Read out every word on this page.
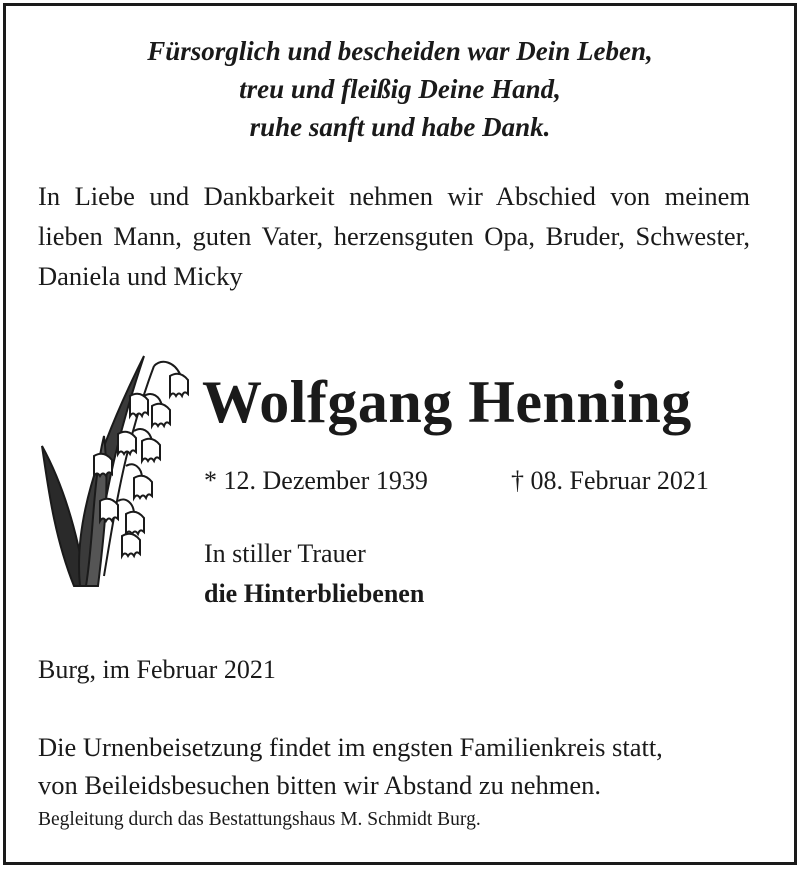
Fürsorglich und bescheiden war Dein Leben,
treu und fleißig Deine Hand,
ruhe sanft und habe Dank.
In Liebe und Dankbarkeit nehmen wir Abschied von meinem lieben Mann, guten Vater, herzensguten Opa, Bruder, Schwester, Daniela und Micky
Wolfgang Henning
* 12. Dezember 1939	† 08. Februar 2021
In stiller Trauer
die Hinterbliebenen
Burg, im Februar 2021
Die Urnenbeisetzung findet im engsten Familienkreis statt,
von Beileidsbesuchen bitten wir Abstand zu nehmen.
Begleitung durch das Bestattungshaus M. Schmidt Burg.
